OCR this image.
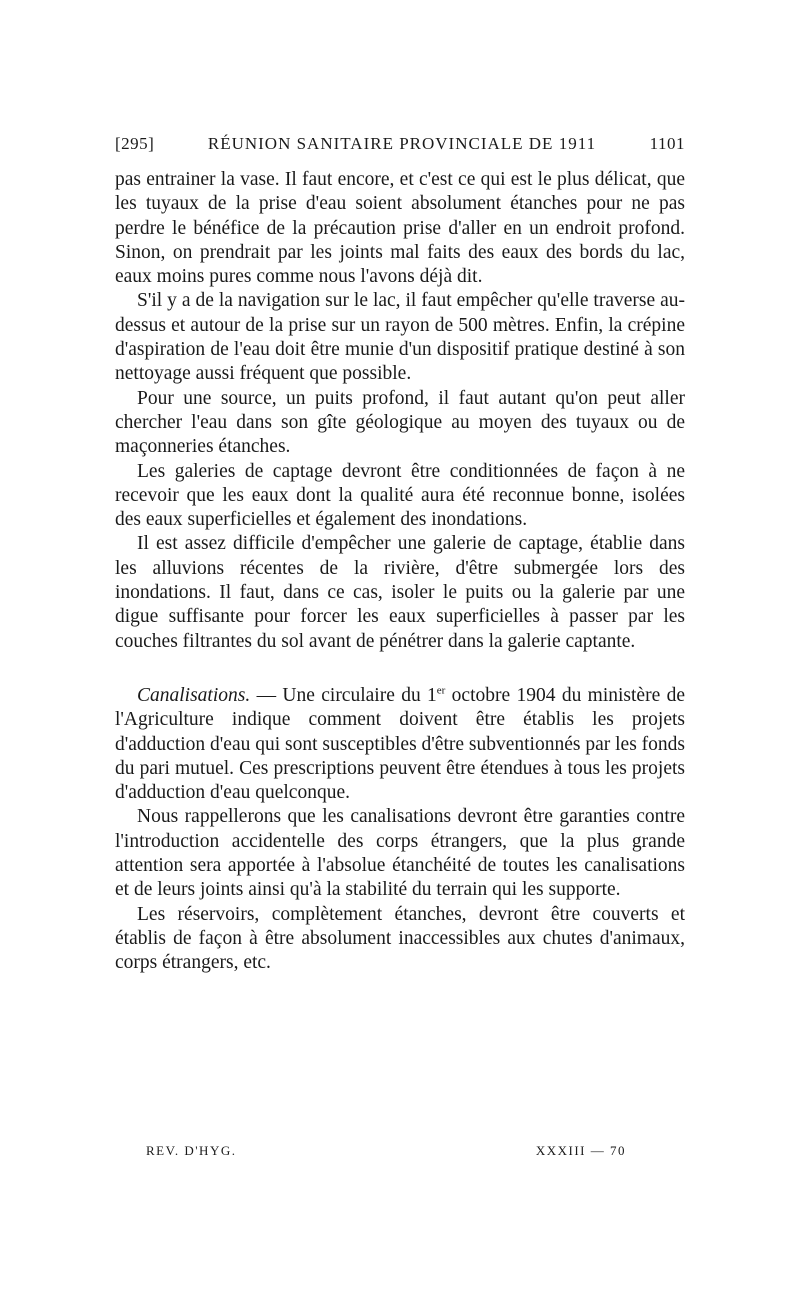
[295]	RÉUNION SANITAIRE PROVINCIALE DE 1911	1101

pas entrainer la vase. Il faut encore, et c'est ce qui est le plus délicat, que les tuyaux de la prise d'eau soient absolument étanches pour ne pas perdre le bénéfice de la précaution prise d'aller en un endroit profond. Sinon, on prendrait par les joints mal faits des eaux des bords du lac, eaux moins pures comme nous l'avons déjà dit.

S'il y a de la navigation sur le lac, il faut empêcher qu'elle traverse au-dessus et autour de la prise sur un rayon de 500 mètres. Enfin, la crépine d'aspiration de l'eau doit être munie d'un dispositif pratique destiné à son nettoyage aussi fréquent que possible.

Pour une source, un puits profond, il faut autant qu'on peut aller chercher l'eau dans son gîte géologique au moyen des tuyaux ou de maçonneries étanches.

Les galeries de captage devront être conditionnées de façon à ne recevoir que les eaux dont la qualité aura été reconnue bonne, isolées des eaux superficielles et également des inondations.

Il est assez difficile d'empêcher une galerie de captage, établie dans les alluvions récentes de la rivière, d'être submergée lors des inondations. Il faut, dans ce cas, isoler le puits ou la galerie par une digue suffisante pour forcer les eaux superficielles à passer par les couches filtrantes du sol avant de pénétrer dans la galerie captante.

Canalisations. — Une circulaire du 1er octobre 1904 du ministère de l'Agriculture indique comment doivent être établis les projets d'adduction d'eau qui sont susceptibles d'être subventionnés par les fonds du pari mutuel. Ces prescriptions peuvent être étendues à tous les projets d'adduction d'eau quelconque.

Nous rappellerons que les canalisations devront être garanties contre l'introduction accidentelle des corps étrangers, que la plus grande attention sera apportée à l'absolue étanchéité de toutes les canalisations et de leurs joints ainsi qu'à la stabilité du terrain qui les supporte.

Les réservoirs, complètement étanches, devront être couverts et établis de façon à être absolument inaccessibles aux chutes d'animaux, corps étrangers, etc.

REV. D'HYG.	XXXIII — 70
